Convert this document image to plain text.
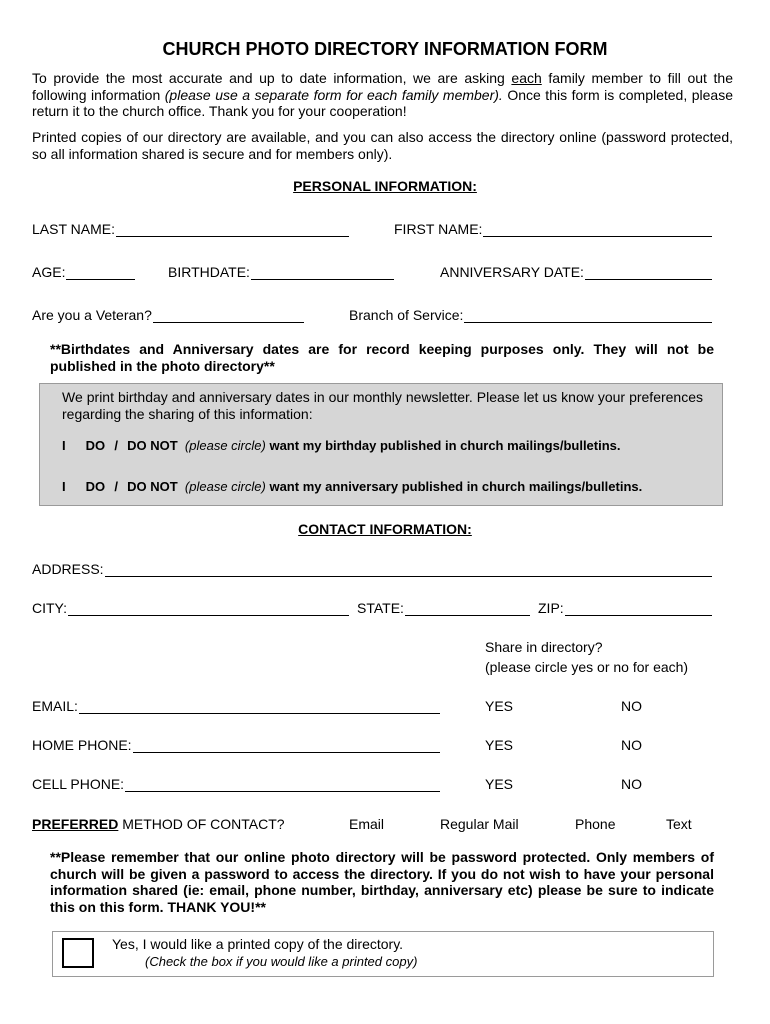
CHURCH PHOTO DIRECTORY INFORMATION FORM
To provide the most accurate and up to date information, we are asking each family member to fill out the following information (please use a separate form for each family member). Once this form is completed, please return it to the church office. Thank you for your cooperation!
Printed copies of our directory are available, and you can also access the directory online (password protected, so all information shared is secure and for members only).
PERSONAL INFORMATION:
LAST NAME:	FIRST NAME:
AGE:	BIRTHDATE:	ANNIVERSARY DATE:
Are you a Veteran?	Branch of Service:
**Birthdates and Anniversary dates are for record keeping purposes only. They will not be published in the photo directory**
We print birthday and anniversary dates in our monthly newsletter. Please let us know your preferences regarding the sharing of this information:
I DO / DO NOT (please circle) want my birthday published in church mailings/bulletins.
I DO / DO NOT (please circle) want my anniversary published in church mailings/bulletins.
CONTACT INFORMATION:
ADDRESS:
CITY:	STATE:	ZIP:
Share in directory?
(please circle yes or no for each)
EMAIL:	YES	NO
HOME PHONE:	YES	NO
CELL PHONE:	YES	NO
PREFERRED METHOD OF CONTACT?	Email	Regular Mail	Phone	Text
**Please remember that our online photo directory will be password protected. Only members of church will be given a password to access the directory. If you do not wish to have your personal information shared (ie: email, phone number, birthday, anniversary etc) please be sure to indicate this on this form. THANK YOU!**
Yes, I would like a printed copy of the directory.
(Check the box if you would like a printed copy)
